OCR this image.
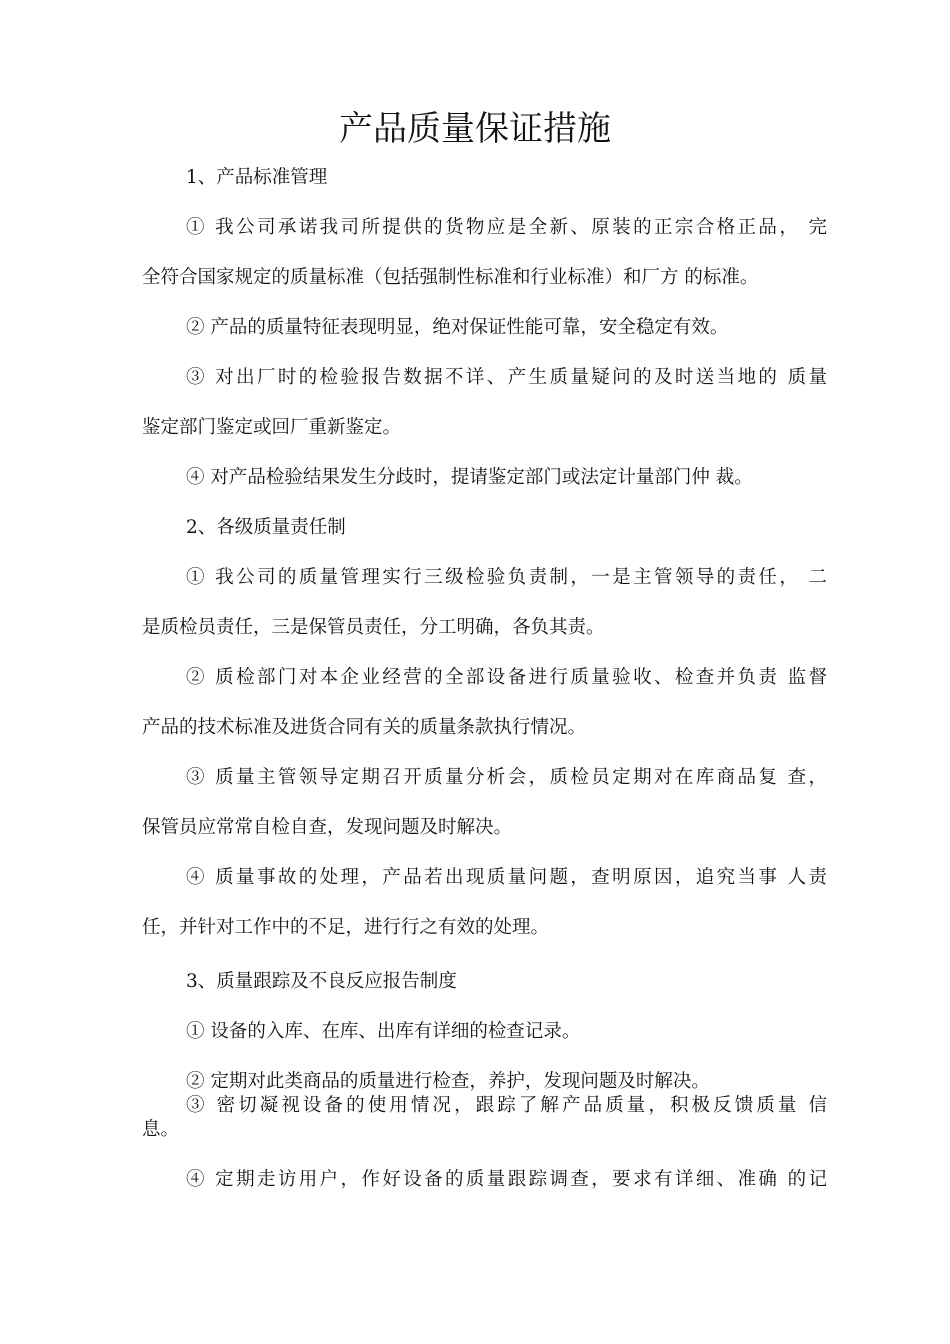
产品质量保证措施
1、产品标准管理
① 我公司承诺我司所提供的货物应是全新、原装的正宗合格正品， 完
全符合国家规定的质量标准（包括强制性标准和行业标准）和厂方 的标准。
② 产品的质量特征表现明显，绝对保证性能可靠，安全稳定有效。
③ 对出厂时的检验报告数据不详、产生质量疑问的及时送当地的 质量
鉴定部门鉴定或回厂重新鉴定。
④ 对产品检验结果发生分歧时，提请鉴定部门或法定计量部门仲 裁。
2、各级质量责任制
① 我公司的质量管理实行三级检验负责制，一是主管领导的责任， 二
是质检员责任，三是保管员责任，分工明确，各负其责。
② 质检部门对本企业经营的全部设备进行质量验收、检查并负责 监督
产品的技术标准及进货合同有关的质量条款执行情况。
③ 质量主管领导定期召开质量分析会，质检员定期对在库商品复 查，
保管员应常常自检自查，发现问题及时解决。
④ 质量事故的处理，产品若出现质量问题，查明原因，追究当事 人责
任，并针对工作中的不足，进行行之有效的处理。
3、质量跟踪及不良反应报告制度
① 设备的入库、在库、出库有详细的检查记录。
② 定期对此类商品的质量进行检查，养护，发现问题及时解决。
③ 密切凝视设备的使用情况，跟踪了解产品质量，积极反馈质量 信
息。
④ 定期走访用户，作好设备的质量跟踪调查，要求有详细、准确 的记
